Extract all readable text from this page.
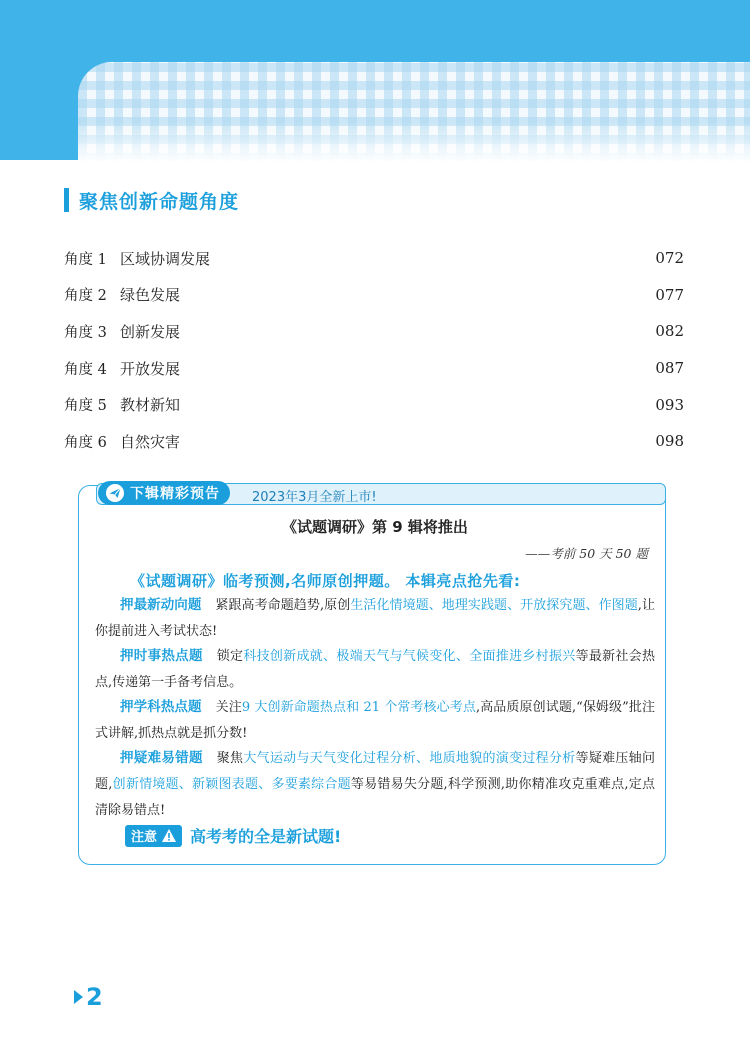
聚焦创新命题角度
角度 1 区域协调发展	072
角度 2 绿色发展	077
角度 3 创新发展	082
角度 4 开放发展	087
角度 5 教材新知	093
角度 6 自然灾害	098
下辑精彩预告 2023年3月全新上市!
《试题调研》第 9 辑将推出
——考前 50 天 50 题
《试题调研》临考预测,名师原创押题。 本辑亮点抢先看:
押最新动向题 紧跟高考命题趋势,原创生活化情境题、地理实践题、开放探究题、作图题,让你提前进入考试状态!
押时事热点题 锁定科技创新成就、极端天气与气候变化、全面推进乡村振兴等最新社会热点,传递第一手备考信息。
押学科热点题 关注9 大创新命题热点和 21 个常考核心考点,高品质原创试题,“保姆级”批注式讲解,抓热点就是抓分数!
押疑难易错题 聚焦大气运动与天气变化过程分析、地质地貌的演变过程分析等疑难压轴问题,创新情境题、新颖图表题、多要素综合题等易错易失分题,科学预测,助你精准攻克重难点,定点清除易错点!
注意 高考考的全是新试题!
2
